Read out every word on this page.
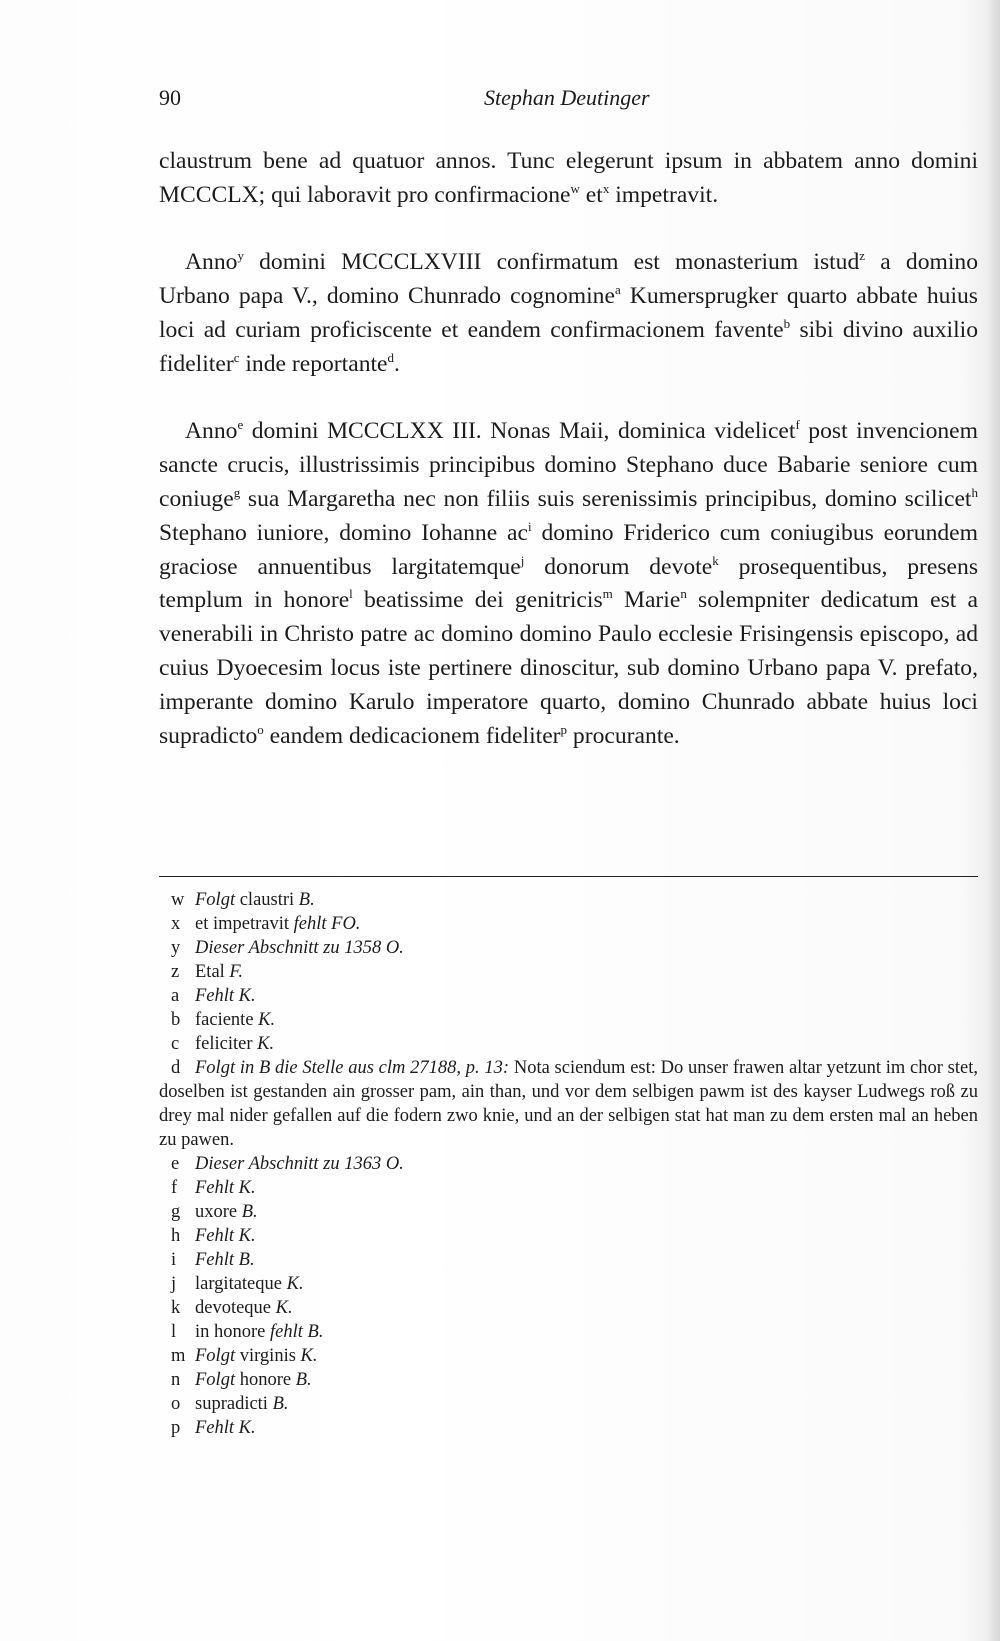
90	Stephan Deutinger

claustrum bene ad quatuor annos. Tunc elegerunt ipsum in abbatem anno domini MCCCLX; qui laboravit pro confirmacione$^w$ $et^x$ impetravit.

Anno$^y$ domini MCCCLXVIII confirmatum est monasterium istud$^z$ a domino Urbano papa V., domino Chunrado cognomine$^a$ Kumersprugker quarto abbate huius loci ad curiam proficiscente et eandem confirmacionem favente$^b$ sibi divino auxilio fideliter$^c$ inde reportante$^d$.

Anno$^e$ domini MCCCLXX III. Nonas Maii, dominica videlicet$^f$ post invencionem sancte crucis, illustrissimis principibus domino Stephano duce Babarie seniore cum coniuge$^g$ sua Margaretha nec non filiis suis serenissimis principibus, domino scilicet$^h$ Stephano iuniore, domino Iohanne $ac^i$ domino Friderico cum coniugibus eorundem graciose annuentibus largitatemque$^j$ donorum devote$^k$ prosequentibus, presens templum in honore$^l$ beatissime dei genitricis$^m$ Marie$^n$ solempniter dedicatum est a venerabili in Christo patre ac domino domino Paulo ecclesie Frisingensis episcopo, ad cuius Dyoecesim locus iste pertinere dinoscitur, sub domino Urbano papa V. prefato, imperante domino Karulo imperatore quarto, domino Chunrado abbate huius loci supradicto$^o$ eandem dedicacionem fideliter$^p$ procurante.

w Folgt claustri B.
x et impetravit fehlt FO.
y Dieser Abschnitt zu 1358 O.
z Etal F.
a Fehlt K.
b faciente K.
c feliciter K.
d Folgt in B die Stelle aus clm 27188, p. 13: Nota sciendum est: Do unser frawen altar yetzunt im chor stet, doselben ist gestanden ain grosser pam, ain than, und vor dem selbigen pawm ist des kayser Ludwegs roß zu drey mal nider gefallen auf die fodern zwo knie, und an der selbigen stat hat man zu dem ersten mal an heben zu pawen.
e Dieser Abschnitt zu 1363 O.
f Fehlt K.
g uxore B.
h Fehlt K.
i Fehlt B.
j largitateque K.
k devoteque K.
l in honore fehlt B.
m Folgt virginis K.
n Folgt honore B.
o supradicti B.
p Fehlt K.
